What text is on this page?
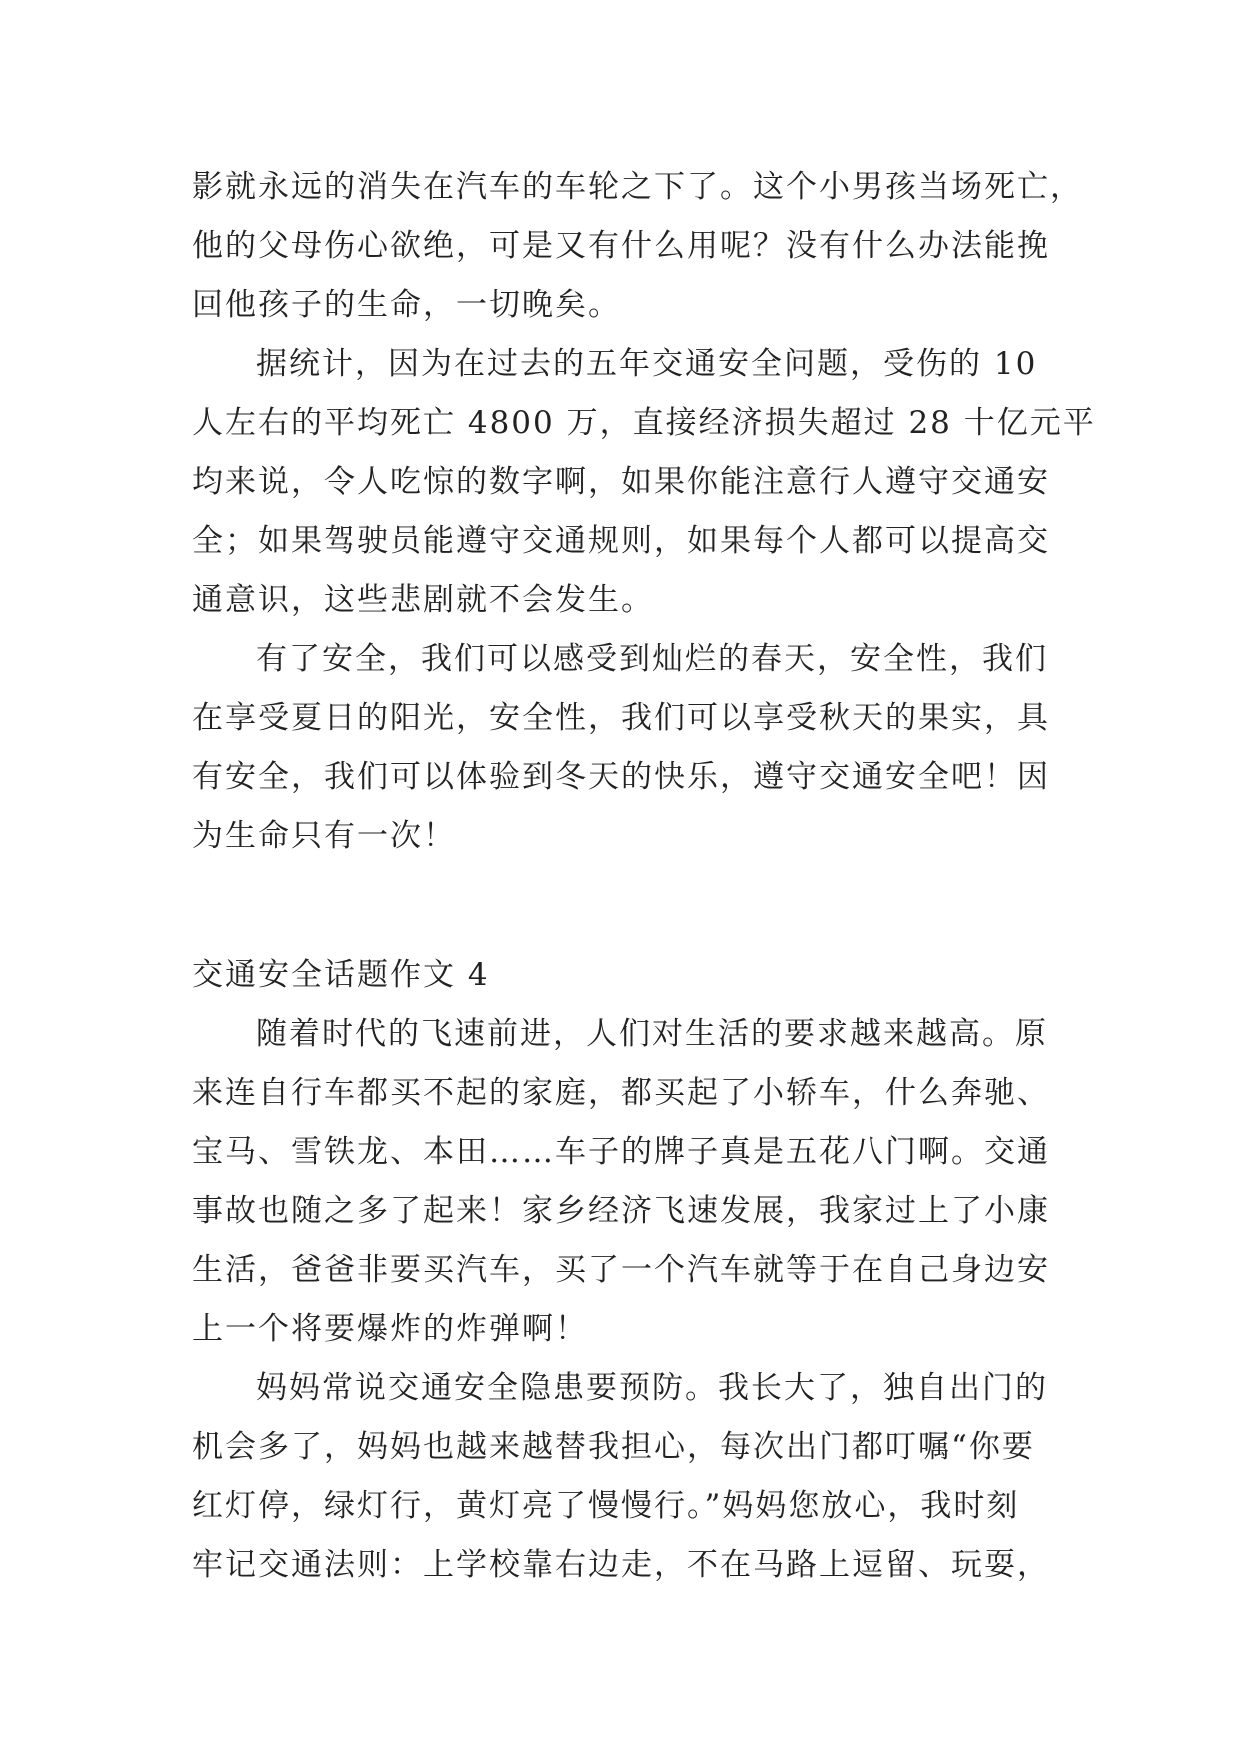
影就永远的消失在汽车的车轮之下了。这个小男孩当场死亡，
他的父母伤心欲绝，可是又有什么用呢？没有什么办法能挽
回他孩子的生命，一切晚矣。
据统计，因为在过去的五年交通安全问题，受伤的 10
人左右的平均死亡 4800 万，直接经济损失超过 28 十亿元平
均来说，令人吃惊的数字啊，如果你能注意行人遵守交通安
全；如果驾驶员能遵守交通规则，如果每个人都可以提高交
通意识，这些悲剧就不会发生。
有了安全，我们可以感受到灿烂的春天，安全性，我们
在享受夏日的阳光，安全性，我们可以享受秋天的果实，具
有安全，我们可以体验到冬天的快乐，遵守交通安全吧！因
为生命只有一次！
交通安全话题作文 4
随着时代的飞速前进，人们对生活的要求越来越高。原
来连自行车都买不起的家庭，都买起了小轿车，什么奔驰、
宝马、雪铁龙、本田……车子的牌子真是五花八门啊。交通
事故也随之多了起来！家乡经济飞速发展，我家过上了小康
生活，爸爸非要买汽车，买了一个汽车就等于在自己身边安
上一个将要爆炸的炸弹啊！
妈妈常说交通安全隐患要预防。我长大了，独自出门的
机会多了，妈妈也越来越替我担心，每次出门都叮嘱“你要
红灯停，绿灯行，黄灯亮了慢慢行。”妈妈您放心，我时刻
牢记交通法则：上学校靠右边走，不在马路上逗留、玩耍，
